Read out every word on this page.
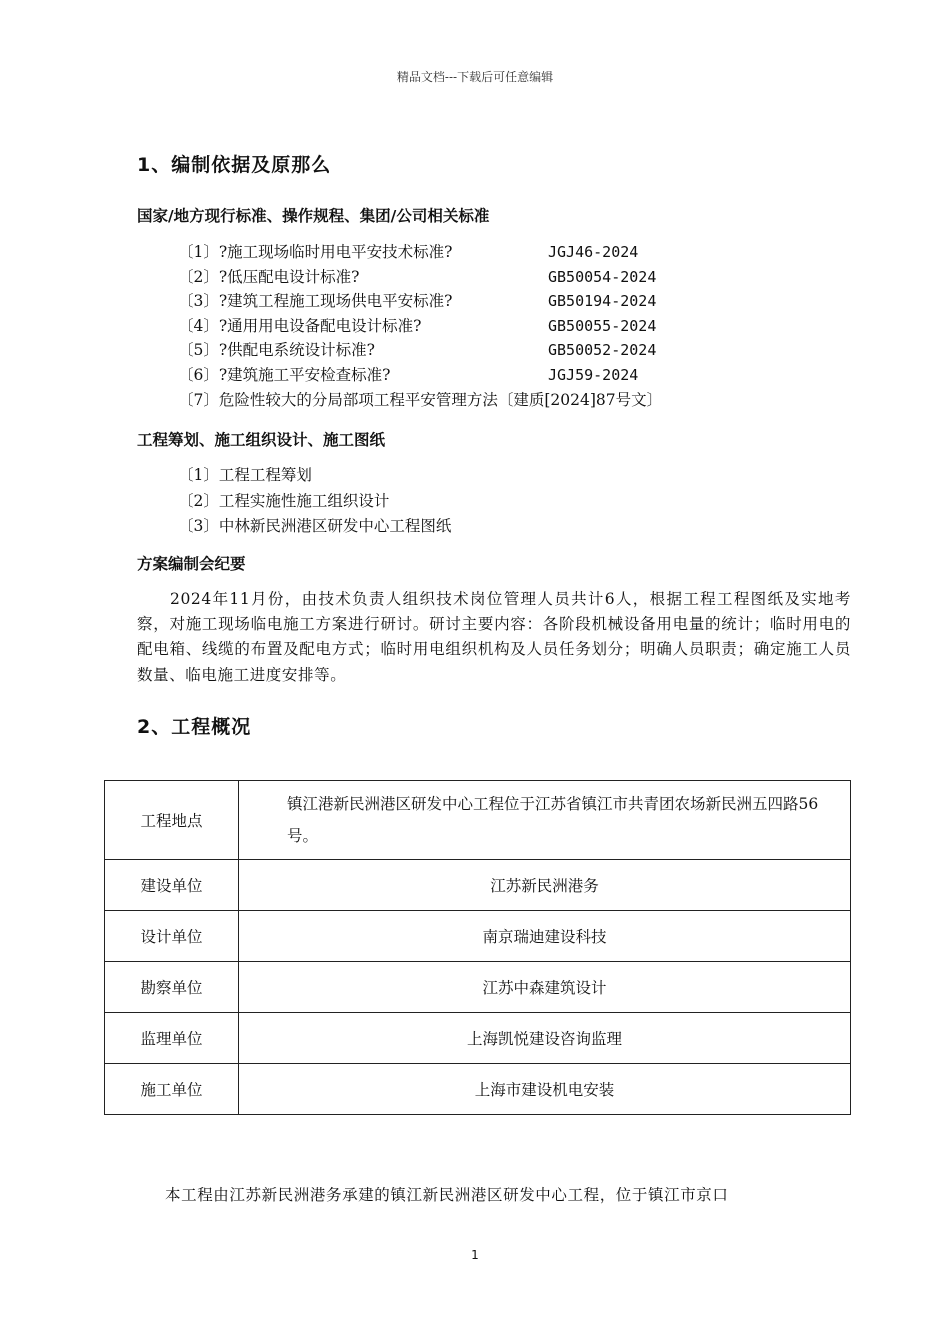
精品文档---下载后可任意编辑
1、编制依据及原那么
国家/地方现行标准、操作规程、集团/公司相关标准
〔1〕?施工现场临时用电平安技术标准?	JGJ46-2024
〔2〕?低压配电设计标准?	GB50054-2024
〔3〕?建筑工程施工现场供电平安标准?	GB50194-2024
〔4〕?通用用电设备配电设计标准?	GB50055-2024
〔5〕?供配电系统设计标准?	GB50052-2024
〔6〕?建筑施工平安检查标准?	JGJ59-2024
〔7〕危险性较大的分局部项工程平安管理方法〔建质[2024]87号文〕
工程筹划、施工组织设计、施工图纸
〔1〕工程工程筹划
〔2〕工程实施性施工组织设计
〔3〕中林新民洲港区研发中心工程图纸
方案编制会纪要
2024年11月份，由技术负责人组织技术岗位管理人员共计6人，根据工程工程图纸及实地考察，对施工现场临电施工方案进行研讨。研讨主要内容：各阶段机械设备用电量的统计；临时用电的配电箱、线缆的布置及配电方式；临时用电组织机构及人员任务划分；明确人员职责；确定施工人员数量、临电施工进度安排等。
2、工程概况
工程地点	镇江港新民洲港区研发中心工程位于江苏省镇江市共青团农场新民洲五四路56号。

建设单位	江苏新民洲港务
设计单位	南京瑞迪建设科技
勘察单位	江苏中森建筑设计
监理单位	上海凯悦建设咨询监理
施工单位	上海市建设机电安装
本工程由江苏新民洲港务承建的镇江新民洲港区研发中心工程，位于镇江市京口
1
